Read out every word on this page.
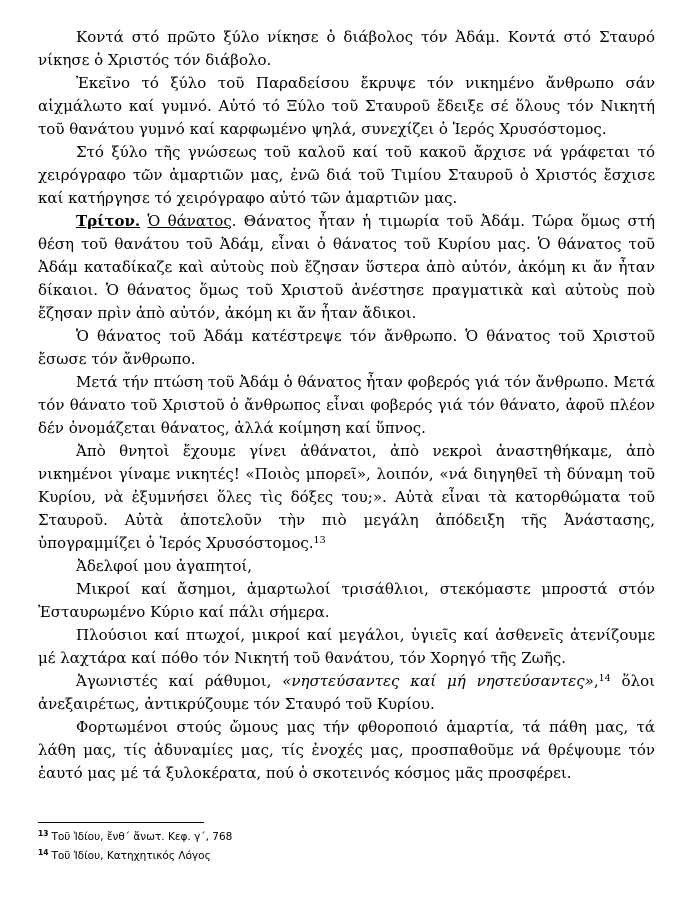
Κοντά στό πρῶτο ξύλο νίκησε ὁ διάβολος τόν Ἀδάμ. Κοντά στό Σταυρό νίκησε ὁ Χριστός τόν διάβολο.

Ἐκεῖνο τό ξύλο τοῦ Παραδείσου ἔκρυψε τόν νικημένο ἄνθρωπο σάν αἰχμάλωτο καί γυμνό. Αὐτό τό Ξύλο τοῦ Σταυροῦ ἔδειξε σέ ὅλους τόν Νικητή τοῦ θανάτου γυμνό καί καρφωμένο ψηλά, συνεχίζει ὁ Ἱερός Χρυσόστομος.

Στό ξύλο τῆς γνώσεως τοῦ καλοῦ καί τοῦ κακοῦ ἄρχισε νά γράφεται τό χειρόγραφο τῶν ἁμαρτιῶν μας, ἐνῶ διά τοῦ Τιμίου Σταυροῦ ὁ Χριστός ἔσχισε καί κατήργησε τό χειρόγραφο αὐτό τῶν ἁμαρτιῶν μας.

Τρίτον. Ὁ θάνατος. Θάνατος ἦταν ἡ τιμωρία τοῦ Ἀδάμ. Τώρα ὅμως στή θέση τοῦ θανάτου τοῦ Ἀδάμ, εἶναι ὁ θάνατος τοῦ Κυρίου μας. Ὁ θάνατος τοῦ Ἀδάμ καταδίκαζε καὶ αὐτοὺς ποὺ ἔζησαν ὕστερα ἀπὸ αὐτόν, ἀκόμη κι ἄν ἦταν δίκαιοι. Ὁ θάνατος ὅμως τοῦ Χριστοῦ ἀνέστησε πραγματικὰ καὶ αὐτοὺς ποὺ ἔζησαν πρὶν ἀπὸ αὐτόν, ἀκόμη κι ἄν ἦταν ἄδικοι.

Ὁ θάνατος τοῦ Ἀδάμ κατέστρεψε τόν ἄνθρωπο. Ὁ θάνατος τοῦ Χριστοῦ ἔσωσε τόν ἄνθρωπο.

Μετά τήν πτώση τοῦ Ἀδάμ ὁ θάνατος ἦταν φοβερός γιά τόν ἄνθρωπο. Μετά τόν θάνατο τοῦ Χριστοῦ ὁ ἄνθρωπος εἶναι φοβερός γιά τόν θάνατο, ἀφοῦ πλέον δέν ὀνομάζεται θάνατος, ἀλλά κοίμηση καί ὕπνος.

Ἀπὸ θνητοὶ ἔχουμε γίνει ἀθάνατοι, ἀπὸ νεκροὶ ἀναστηθήκαμε, ἀπὸ νικημένοι γίναμε νικητές! «Ποιὸς μπορεῖ», λοιπόν, «νά διηγηθεῖ τὴ δύναμη τοῦ Κυρίου, νὰ ἐξυμνήσει ὅλες τὶς δόξες του;». Αὐτὰ εἶναι τὰ κατορθώματα τοῦ Σταυροῦ. Αὐτὰ ἀποτελοῦν τὴν πιὸ μεγάλη ἀπόδειξη τῆς Ἀνάστασης, ὑπογραμμίζει ὁ Ἱερός Χρυσόστομος.$^{13}$

Ἀδελφοί μου ἀγαπητοί,

Μικροί καί ἄσημοι, ἁμαρτωλοί τρισάθλιοι, στεκόμαστε μπροστά στόν Ἐσταυρωμένο Κύριο καί πάλι σήμερα.

Πλούσιοι καί πτωχοί, μικροί καί μεγάλοι, ὑγιεῖς καί ἀσθενεῖς ἀτενίζουμε μέ λαχτάρα καί πόθο τόν Νικητή τοῦ θανάτου, τόν Χορηγό τῆς Ζωῆς.

Ἀγωνιστές καί ράθυμοι, «νηστεύσαντες καί μή νηστεύσαντες»,$^{14}$ ὅλοι ἀνεξαιρέτως, ἀντικρύζουμε τόν Σταυρό τοῦ Κυρίου.

Φορτωμένοι στούς ὤμους μας τήν φθοροποιό ἁμαρτία, τά πάθη μας, τά λάθη μας, τίς ἀδυναμίες μας, τίς ἐνοχές μας, προσπαθοῦμε νά θρέψουμε τόν ἑαυτό μας μέ τά ξυλοκέρατα, πού ὁ σκοτεινός κόσμος μᾶς προσφέρει.

$^{13}$ Τοῦ Ἰδίου, ἔνθ΄ ἄνωτ. Κεφ. γ΄, 768

$^{14}$ Τοῦ Ἰδίου, Κατηχητικός Λόγος
